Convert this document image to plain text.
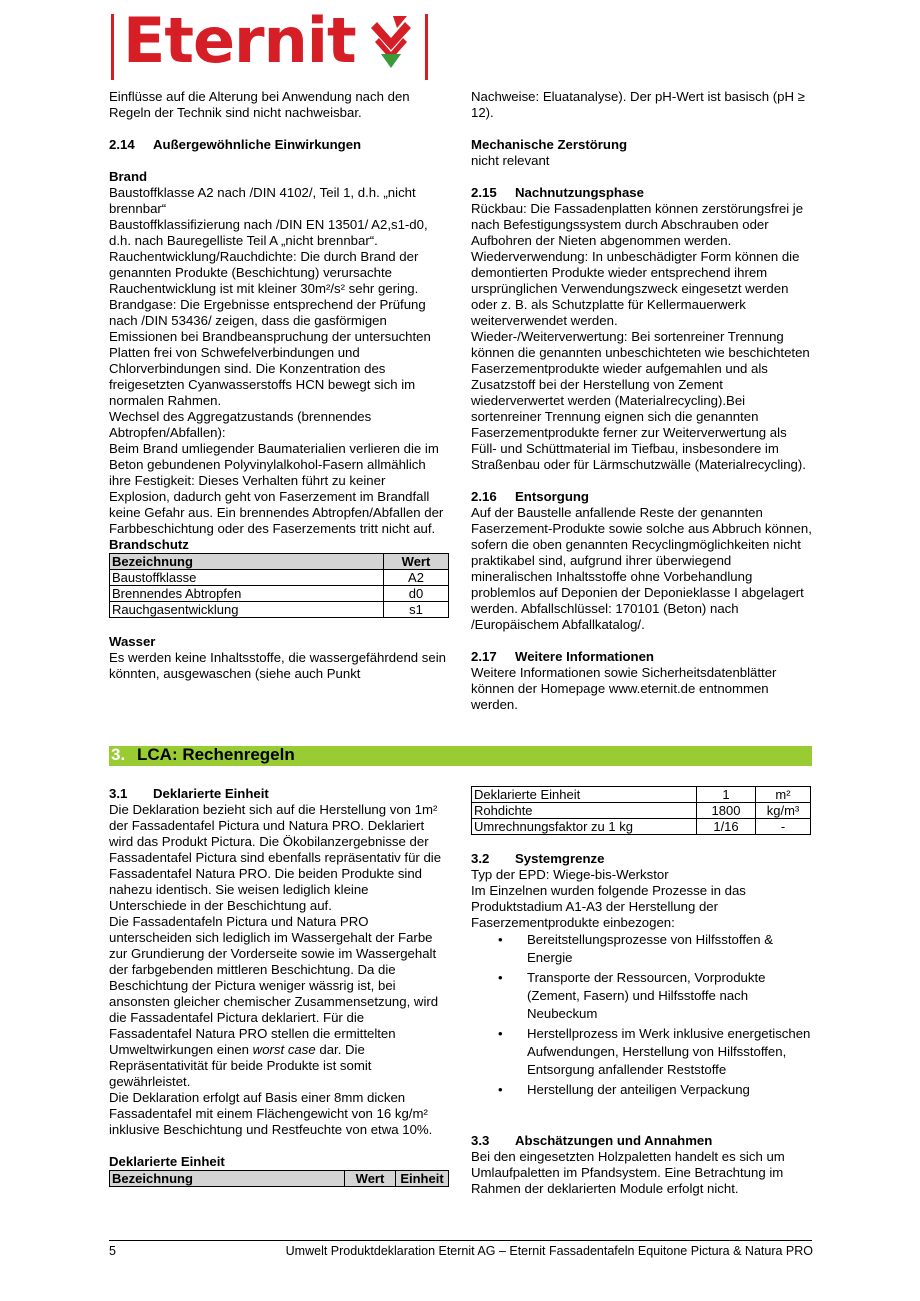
Eternit

Einflüsse auf die Alterung bei Anwendung nach den Regeln der Technik sind nicht nachweisbar.

2.14 Außergewöhnliche Einwirkungen

Brand

Baustoffklasse A2 nach /DIN 4102/, Teil 1, d.h. „nicht brennbar“

Baustoffklassifizierung nach /DIN EN 13501/ A2,s1-d0, d.h. nach Bauregelliste Teil A „nicht brennbar“.

Rauchentwicklung/Rauchdichte: Die durch Brand der genannten Produkte (Beschichtung) verursachte Rauchentwicklung ist mit kleiner 30m²/s² sehr gering.

Brandgase: Die Ergebnisse entsprechend der Prüfung nach /DIN 53436/ zeigen, dass die gasförmigen Emissionen bei Brandbeanspruchung der untersuchten Platten frei von Schwefelverbindungen und Chlorverbindungen sind. Die Konzentration des freigesetzten Cyanwasserstoffs HCN bewegt sich im normalen Rahmen.

Wechsel des Aggregatzustands (brennendes Abtropfen/Abfallen):

Beim Brand umliegender Baumaterialien verlieren die im Beton gebundenen Polyvinylalkohol-Fasern allmählich ihre Festigkeit: Dieses Verhalten führt zu keiner Explosion, dadurch geht von Faserzement im Brandfall keine Gefahr aus. Ein brennendes Abtropfen/Abfallen der Farbbeschichtung oder des Faserzements tritt nicht auf.

Brandschutz

Bezeichnung	Wert
Baustoffklasse	A2
Brennendes Abtropfen	d0
Rauchgasentwicklung	s1

Wasser

Es werden keine Inhaltsstoffe, die wassergefährdend sein könnten, ausgewaschen (siehe auch Punkt

Nachweise: Eluatanalyse). Der pH-Wert ist basisch (pH ≥ 12).

Mechanische Zerstörung

nicht relevant

2.15 Nachnutzungsphase

Rückbau: Die Fassadenplatten können zerstörungsfrei je nach Befestigungssystem durch Abschrauben oder Aufbohren der Nieten abgenommen werden.

Wiederverwendung: In unbeschädigter Form können die demontierten Produkte wieder entsprechend ihrem ursprünglichen Verwendungszweck eingesetzt werden oder z. B. als Schutzplatte für Kellermauerwerk weiterverwendet werden.

Wieder-/Weiterverwertung: Bei sortenreiner Trennung können die genannten unbeschichteten wie beschichteten Faserzementprodukte wieder aufgemahlen und als Zusatzstoff bei der Herstellung von Zement wiederverwertet werden (Materialrecycling).Bei sortenreiner Trennung eignen sich die genannten Faserzementprodukte ferner zur Weiterverwertung als Füll- und Schüttmaterial im Tiefbau, insbesondere im Straßenbau oder für Lärmschutzwälle (Materialrecycling).

2.16 Entsorgung

Auf der Baustelle anfallende Reste der genannten Faserzement-Produkte sowie solche aus Abbruch können, sofern die oben genannten Recyclingmöglichkeiten nicht praktikabel sind, aufgrund ihrer überwiegend mineralischen Inhaltsstoffe ohne Vorbehandlung problemlos auf Deponien der Deponieklasse I abgelagert werden. Abfallschlüssel: 170101 (Beton) nach /Europäischem Abfallkatalog/.

2.17 Weitere Informationen

Weitere Informationen sowie Sicherheitsdatenblätter können der Homepage www.eternit.de entnommen werden.

3. LCA: Rechenregeln

3.1 Deklarierte Einheit

Die Deklaration bezieht sich auf die Herstellung von 1m² der Fassadentafel Pictura und Natura PRO. Deklariert wird das Produkt Pictura. Die Ökobilanzergebnisse der Fassadentafel Pictura sind ebenfalls repräsentativ für die Fassadentafel Natura PRO. Die beiden Produkte sind nahezu identisch. Sie weisen lediglich kleine Unterschiede in der Beschichtung auf.

Die Fassadentafeln Pictura und Natura PRO unterscheiden sich lediglich im Wassergehalt der Farbe zur Grundierung der Vorderseite sowie im Wassergehalt der farbgebenden mittleren Beschichtung. Da die Beschichtung der Pictura weniger wässrig ist, bei ansonsten gleicher chemischer Zusammensetzung, wird die Fassadentafel Pictura deklariert. Für die Fassadentafel Natura PRO stellen die ermittelten Umweltwirkungen einen worst case dar. Die Repräsentativität für beide Produkte ist somit gewährleistet.

Die Deklaration erfolgt auf Basis einer 8mm dicken Fassadentafel mit einem Flächengewicht von 16 kg/m² inklusive Beschichtung und Restfeuchte von etwa 10%.

Deklarierte Einheit

Bezeichnung	Wert	Einheit
Deklarierte Einheit	1	m²
Rohdichte	1800	kg/m³
Umrechnungsfaktor zu 1 kg	1/16	-

3.2 Systemgrenze

Typ der EPD: Wiege-bis-Werkstor

Im Einzelnen wurden folgende Prozesse in das Produktstadium A1-A3 der Herstellung der Faserzementprodukte einbezogen:

• Bereitstellungsprozesse von Hilfsstoffen & Energie
• Transporte der Ressourcen, Vorprodukte (Zement, Fasern) und Hilfsstoffe nach Neubeckum
• Herstellprozess im Werk inklusive energetischen Aufwendungen, Herstellung von Hilfsstoffen, Entsorgung anfallender Reststoffe
• Herstellung der anteiligen Verpackung

3.3 Abschätzungen und Annahmen

Bei den eingesetzten Holzpaletten handelt es sich um Umlaufpaletten im Pfandsystem. Eine Betrachtung im Rahmen der deklarierten Module erfolgt nicht.

5	Umwelt Produktdeklaration Eternit AG – Eternit Fassadentafeln Equitone Pictura & Natura PRO
